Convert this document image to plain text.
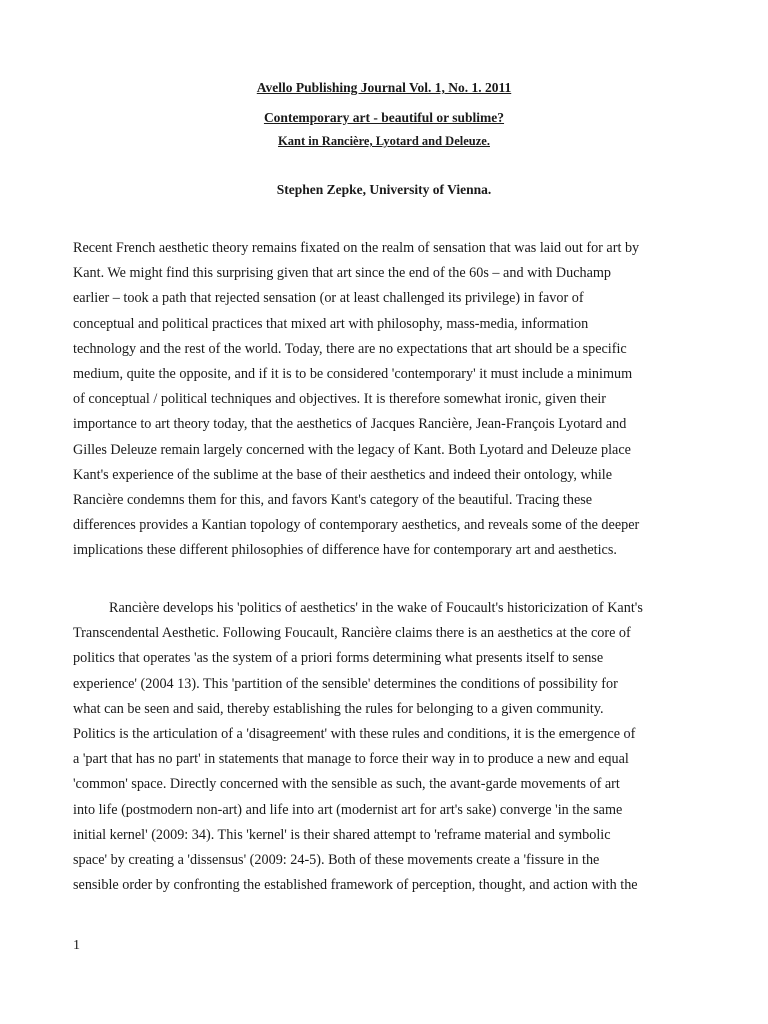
Avello Publishing Journal Vol. 1, No. 1. 2011
Contemporary art - beautiful or sublime?
Kant in Rancière, Lyotard and Deleuze.
Stephen Zepke, University of Vienna.
Recent French aesthetic theory remains fixated on the realm of sensation that was laid out for art by
Kant. We might find this surprising given that art since the end of the 60s – and with Duchamp
earlier – took a path that rejected sensation (or at least challenged its privilege) in favor of
conceptual and political practices that mixed art with philosophy, mass-media, information
technology and the rest of the world. Today, there are no expectations that art should be a specific
medium, quite the opposite, and if it is to be considered 'contemporary' it must include a minimum
of conceptual / political techniques and objectives. It is therefore somewhat ironic, given their
importance to art theory today, that the aesthetics of Jacques Rancière, Jean-François Lyotard and
Gilles Deleuze remain largely concerned with the legacy of Kant. Both Lyotard and Deleuze place
Kant's experience of the sublime at the base of their aesthetics and indeed their ontology, while
Rancière condemns them for this, and favors Kant's category of the beautiful. Tracing these
differences provides a Kantian topology of contemporary aesthetics, and reveals some of the deeper
implications these different philosophies of difference have for contemporary art and aesthetics.
Rancière develops his 'politics of aesthetics' in the wake of Foucault's historicization of Kant's
Transcendental Aesthetic. Following Foucault, Rancière claims there is an aesthetics at the core of
politics that operates 'as the system of a priori forms determining what presents itself to sense
experience' (2004 13). This 'partition of the sensible' determines the conditions of possibility for
what can be seen and said, thereby establishing the rules for belonging to a given community.
Politics is the articulation of a 'disagreement' with these rules and conditions, it is the emergence of
a 'part that has no part' in statements that manage to force their way in to produce a new and equal
'common' space. Directly concerned with the sensible as such, the avant-garde movements of art
into life (postmodern non-art) and life into art (modernist art for art's sake) converge 'in the same
initial kernel' (2009: 34). This 'kernel' is their shared attempt to 'reframe material and symbolic
space' by creating a 'dissensus' (2009: 24-5). Both of these movements create a 'fissure in the
sensible order by confronting the established framework of perception, thought, and action with the
1
